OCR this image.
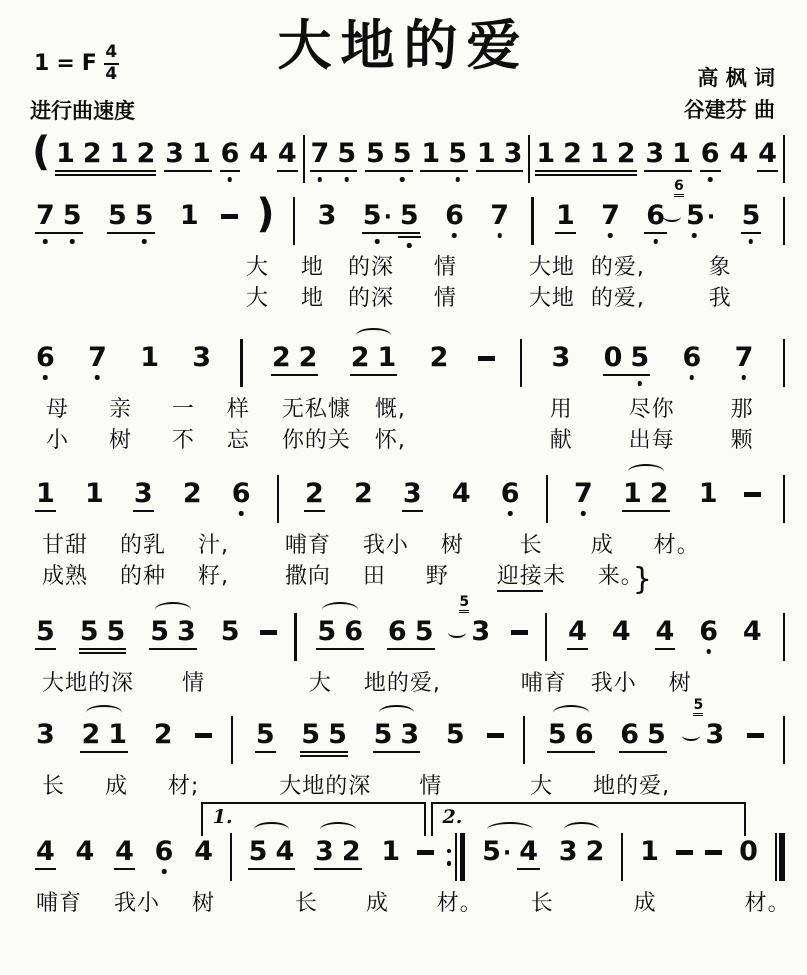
大地的爱
1 = F $\frac{4}{4}$
进行曲速度
高 枫 词
谷建芬 曲
( 1 2 1 2 3 1 6 4 4 7 5 5 5 1 5 1 3 1 2 1 2 3 1 6 4 4
7 5 5 5 1 ) 3 5· 5 6 7 1 7 6
6
5· 5
大    地   的深     情         大地  的爱,        象
大    地   的深     情         大地  的爱,        我
6 7 1 3 2 2 2 1 2	3 0 5 6 7
母     亲     一    样    无私慷   慨,                  用       尽你       那
小     树     不    忘    你的关   怀,                  献       出每       颗
1 1 3 2 6 2 2 3 4 6 7 1 2 1
甘甜    的乳    汁,       哺育    我小    树       长      成     材。
成熟    的种    籽,       撒向    田     野      迎接未    来。}
5 5 5 5 3 5	5 6 6 5
5
3	4 4 4 6 4
大地的深      情             大    地的爱,          哺育   我小    树
3 2 1 2	5 5 5 5 3 5	5 6 6 5
5
3
长     成     材;          大地的深      情           大     地的爱,
4 4 4 6 4 5 4 3 2 1	5· 4 3 2 1	0
哺育    我小    树          长      成      材。      长          成           材。
1.	2.
